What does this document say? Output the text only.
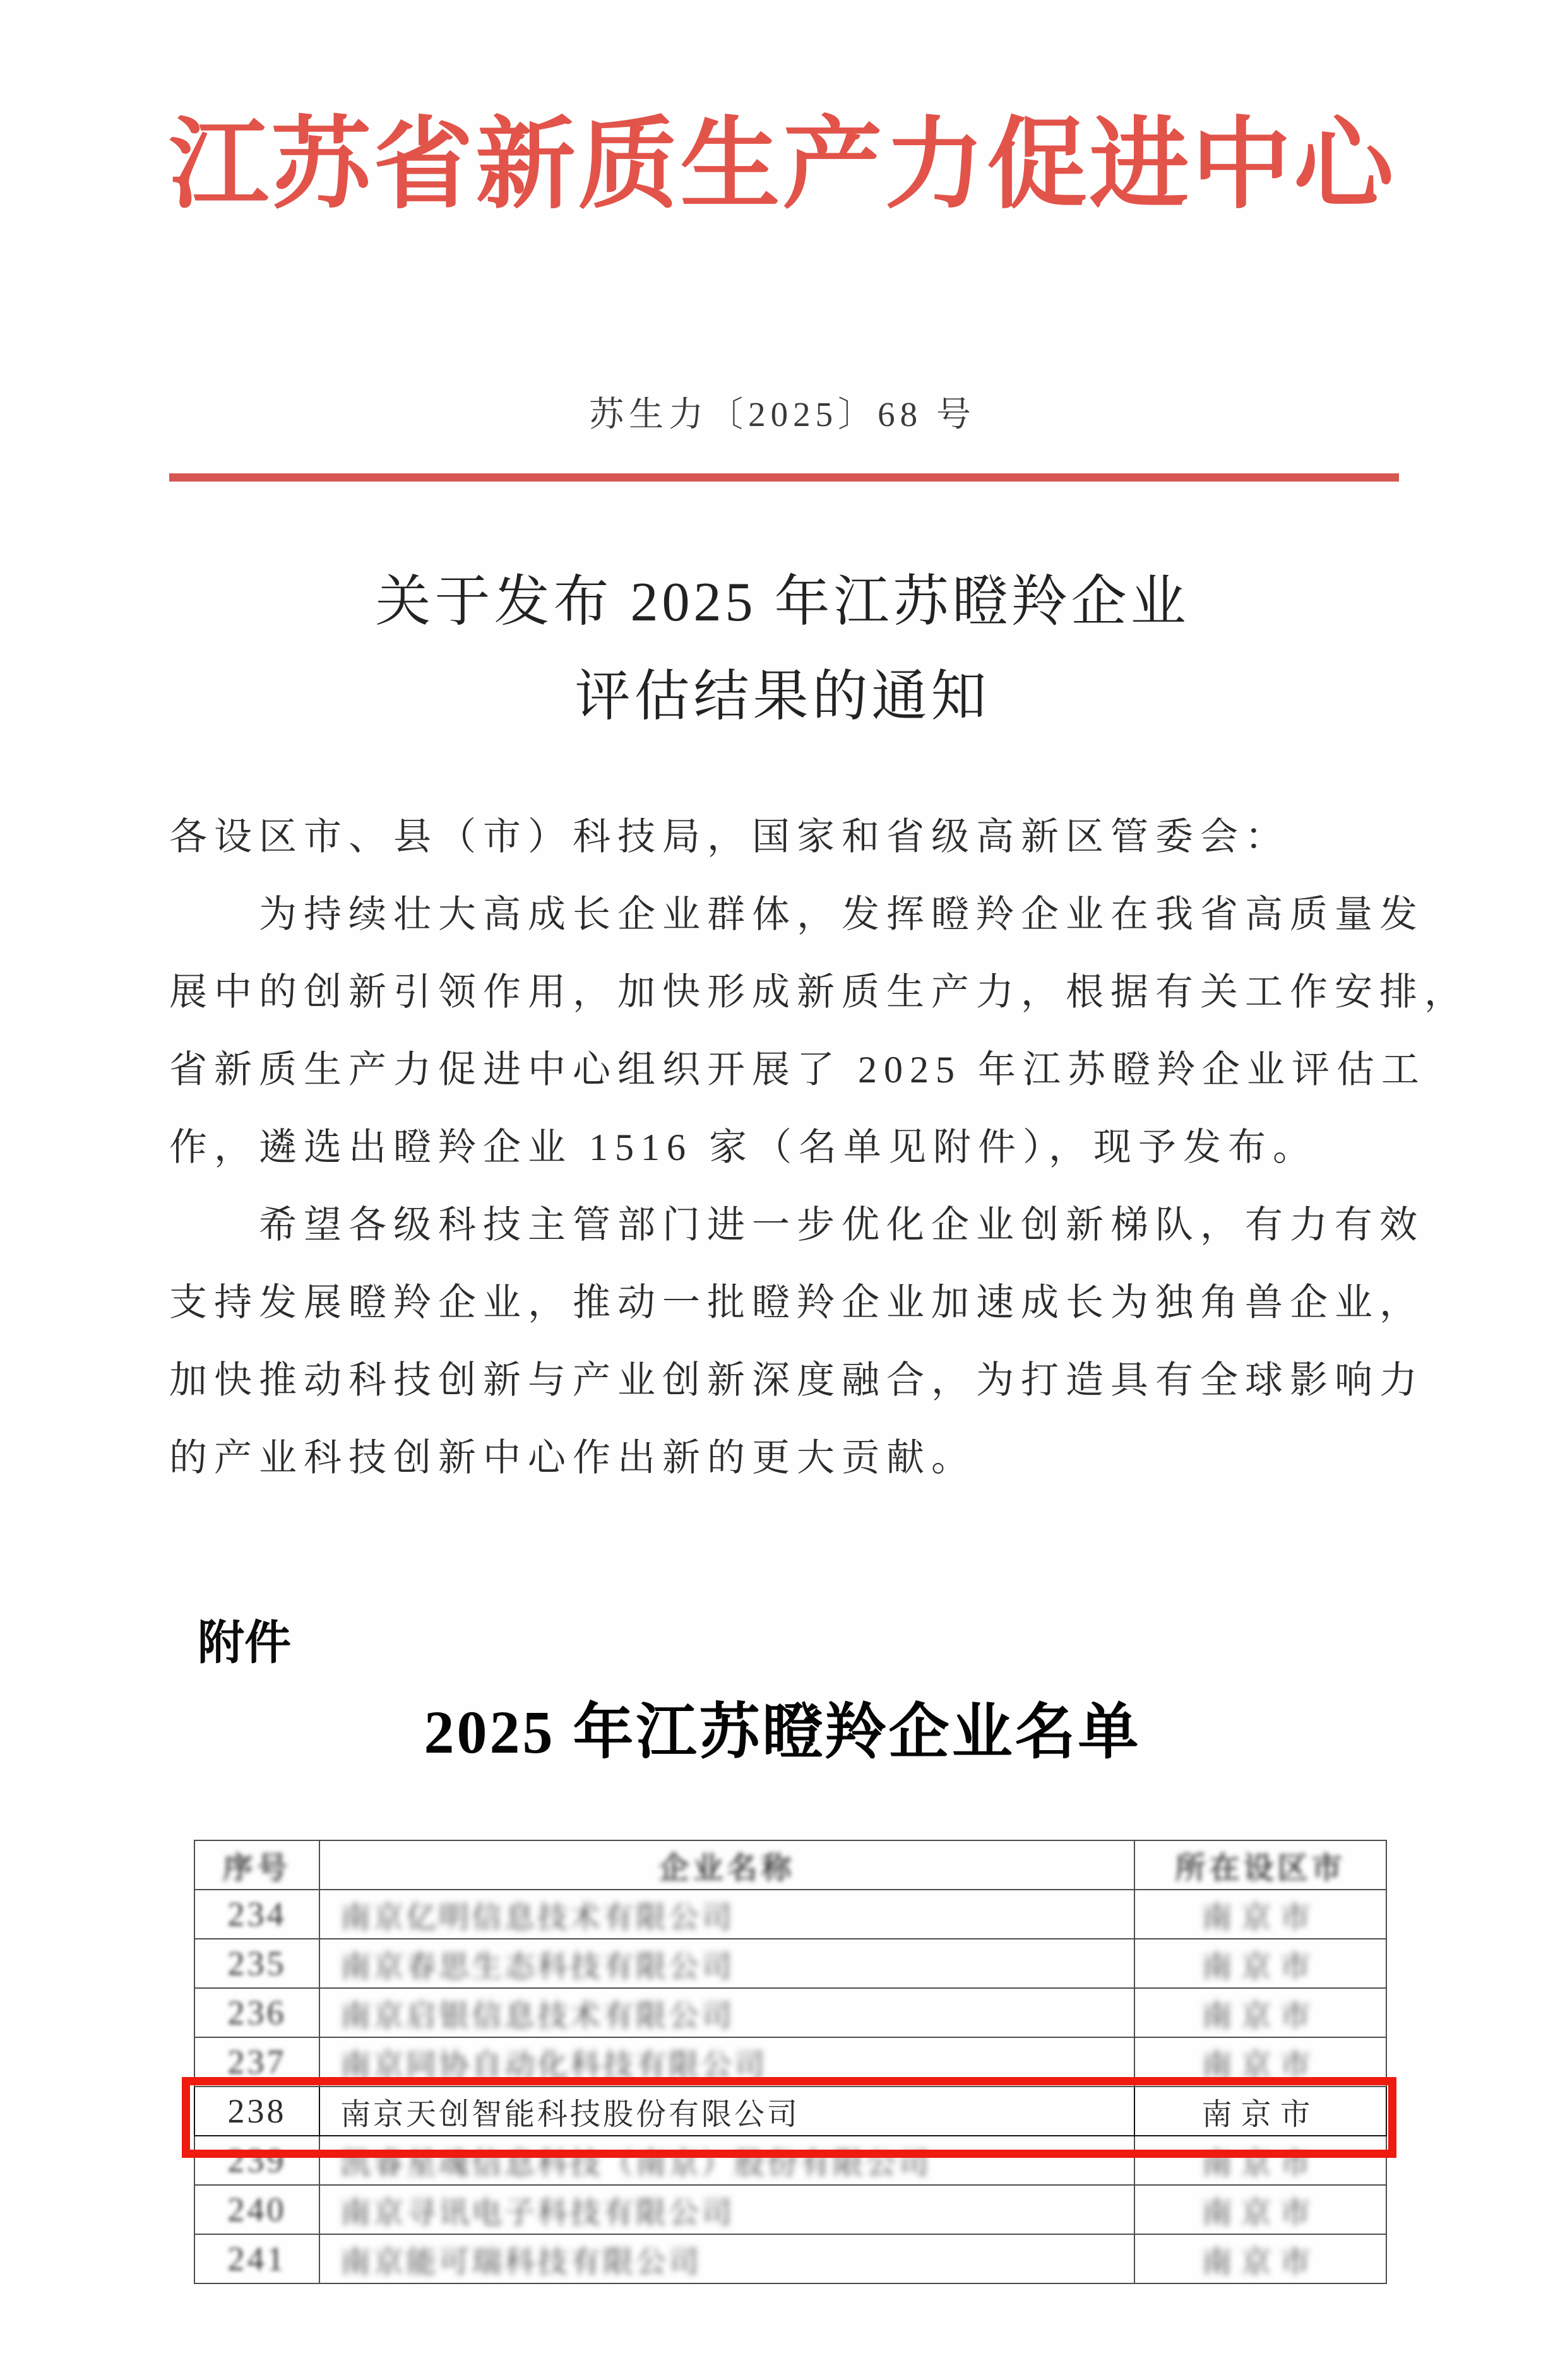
江苏省新质生产力促进中心
苏生力〔2025〕68 号
关于发布 2025 年江苏瞪羚企业
评估结果的通知
各设区市、县（市）科技局，国家和省级高新区管委会：
为持续壮大高成长企业群体，发挥瞪羚企业在我省高质量发
展中的创新引领作用，加快形成新质生产力，根据有关工作安排，
省新质生产力促进中心组织开展了 2025 年江苏瞪羚企业评估工
作，遴选出瞪羚企业 1516 家（名单见附件），现予发布。
希望各级科技主管部门进一步优化企业创新梯队，有力有效
支持发展瞪羚企业，推动一批瞪羚企业加速成长为独角兽企业，
加快推动科技创新与产业创新深度融合，为打造具有全球影响力
的产业科技创新中心作出新的更大贡献。
附件
2025 年江苏瞪羚企业名单
序号	企业名称	所在设区市
234	南京亿明信息技术有限公司	南京市
235	南京春思生态科技有限公司	南京市
236	南京启银信息技术有限公司	南京市
237	南京同协自动化科技有限公司	南京市
238	南京天创智能科技股份有限公司	南京市
239	凯睿星魂信息科技（南京）股份有限公司	南京市
240	南京寻讯电子科技有限公司	南京市
241	南京能可瑞科技有限公司	南京市
